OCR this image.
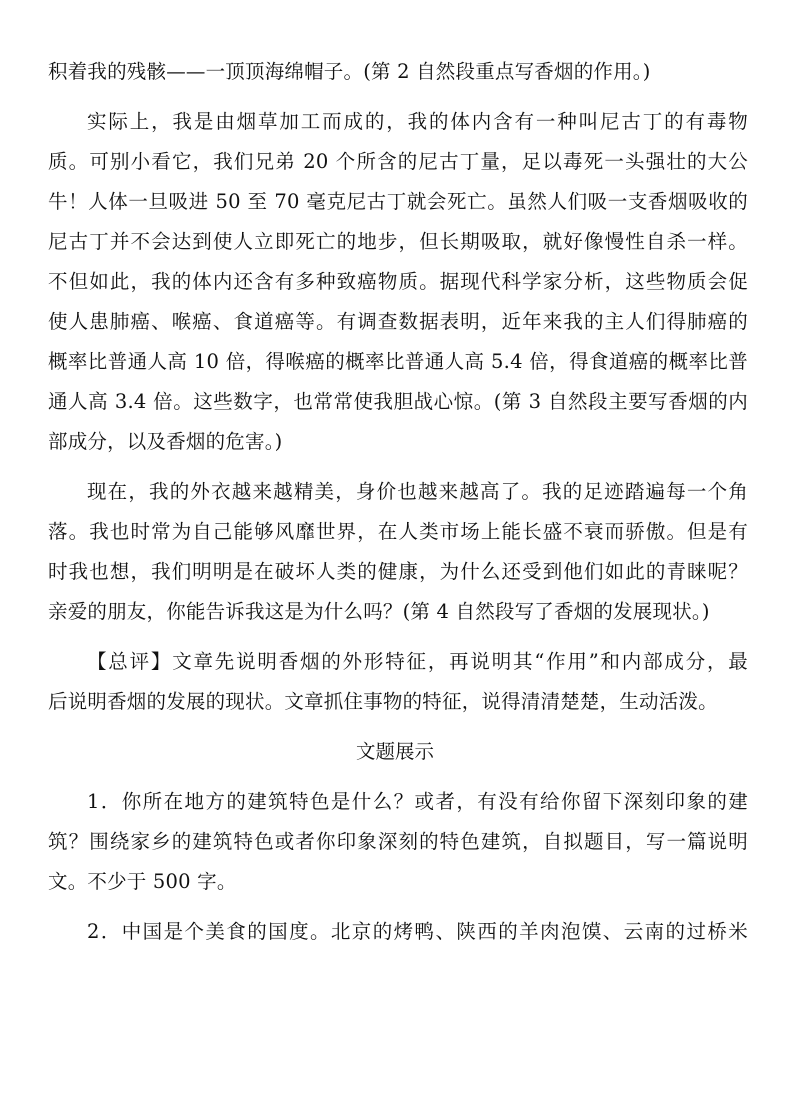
积着我的残骸——一顶顶海绵帽子。(第 2 自然段重点写香烟的作用。)
实际上，我是由烟草加工而成的，我的体内含有一种叫尼古丁的有毒物
质。可别小看它，我们兄弟 20 个所含的尼古丁量，足以毒死一头强壮的大公
牛！人体一旦吸进 50 至 70 毫克尼古丁就会死亡。虽然人们吸一支香烟吸收的
尼古丁并不会达到使人立即死亡的地步，但长期吸取，就好像慢性自杀一样。
不但如此，我的体内还含有多种致癌物质。据现代科学家分析，这些物质会促
使人患肺癌、喉癌、食道癌等。有调查数据表明，近年来我的主人们得肺癌的
概率比普通人高 10 倍，得喉癌的概率比普通人高 5.4 倍，得食道癌的概率比普
通人高 3.4 倍。这些数字，也常常使我胆战心惊。(第 3 自然段主要写香烟的内
部成分，以及香烟的危害。)
现在，我的外衣越来越精美，身价也越来越高了。我的足迹踏遍每一个角
落。我也时常为自己能够风靡世界，在人类市场上能长盛不衰而骄傲。但是有
时我也想，我们明明是在破坏人类的健康，为什么还受到他们如此的青睐呢？
亲爱的朋友，你能告诉我这是为什么吗？(第 4 自然段写了香烟的发展现状。)
【总评】文章先说明香烟的外形特征，再说明其“作用”和内部成分，最
后说明香烟的发展的现状。文章抓住事物的特征，说得清清楚楚，生动活泼。
文题展示
1．你所在地方的建筑特色是什么？或者，有没有给你留下深刻印象的建
筑？围绕家乡的建筑特色或者你印象深刻的特色建筑，自拟题目，写一篇说明
文。不少于 500 字。
2．中国是个美食的国度。北京的烤鸭、陕西的羊肉泡馍、云南的过桥米
